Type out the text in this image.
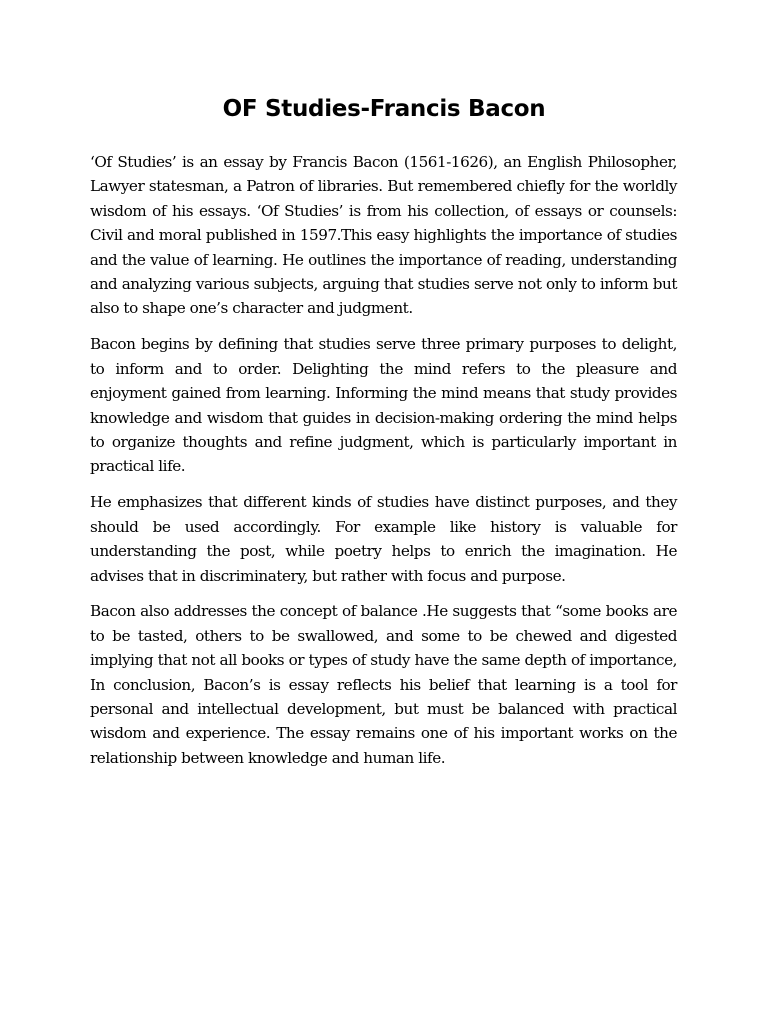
OF Studies-Francis Bacon

‘Of Studies’ is an essay by Francis Bacon (1561-1626), an English Philosopher, Lawyer statesman, a Patron of libraries. But remembered chiefly for the worldly wisdom of his essays. ‘Of Studies’ is from his collection, of essays or counsels: Civil and moral published in 1597.This easy highlights the importance of studies and the value of learning. He outlines the importance of reading, understanding and analyzing various subjects, arguing that studies serve not only to inform but also to shape one’s character and judgment.

Bacon begins by defining that studies serve three primary purposes to delight, to inform and to order. Delighting the mind refers to the pleasure and enjoyment gained from learning. Informing the mind means that study provides knowledge and wisdom that guides in decision-making ordering the mind helps to organize thoughts and refine judgment, which is particularly important in practical life.

He emphasizes that different kinds of studies have distinct purposes, and they should be used accordingly. For example like history is valuable for understanding the post, while poetry helps to enrich the imagination. He advises that in discriminatery, but rather with focus and purpose.

Bacon also addresses the concept of balance .He suggests that “some books are to be tasted, others to be swallowed, and some to be chewed and digested implying that not all books or types of study have the same depth of importance, In conclusion, Bacon’s is essay reflects his belief that learning is a tool for personal and intellectual development, but must be balanced with practical wisdom and experience. The essay remains one of his important works on the relationship between knowledge and human life.
